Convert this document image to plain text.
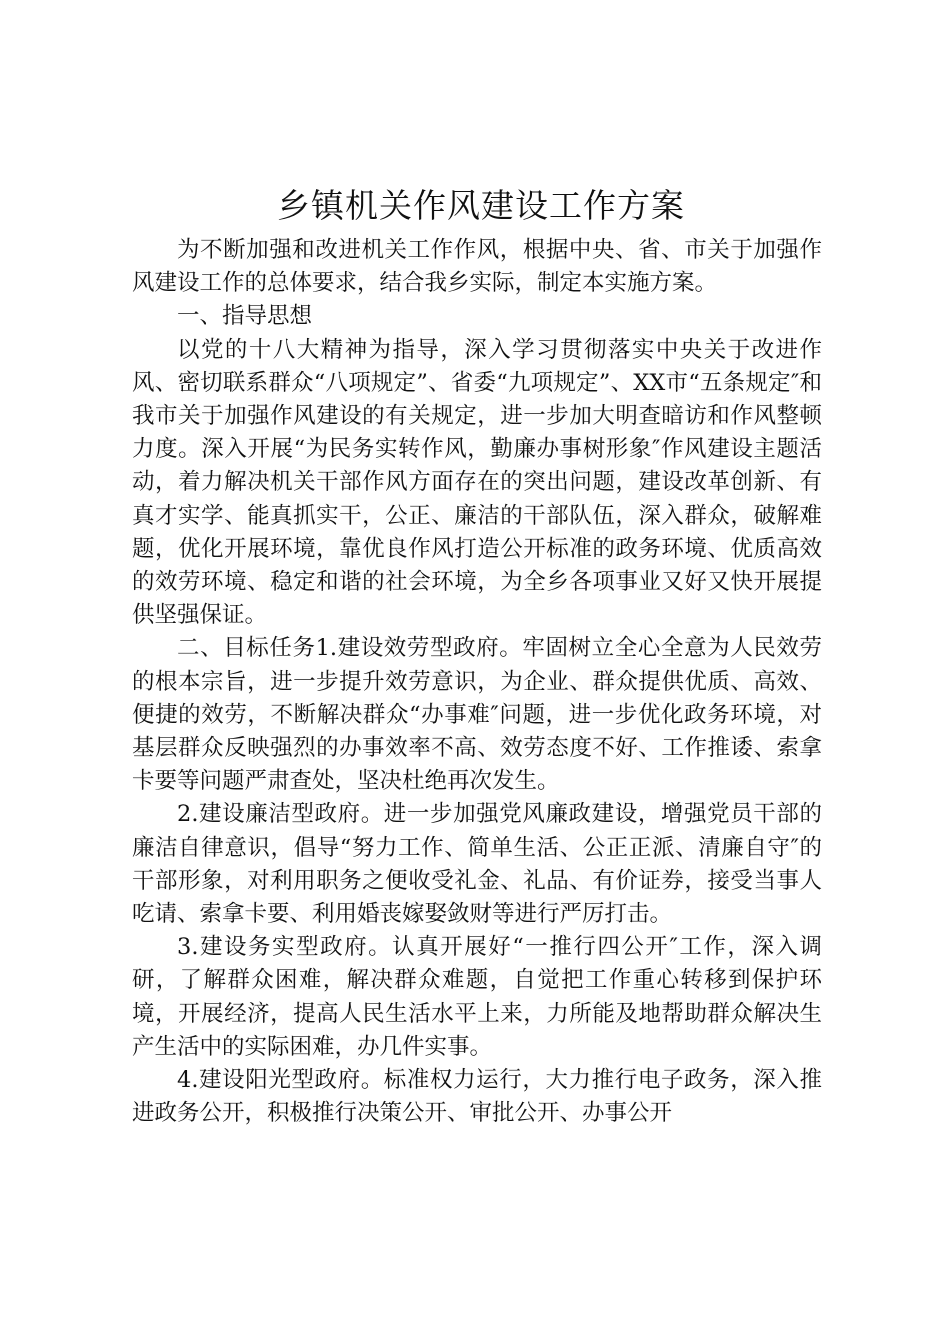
乡镇机关作风建设工作方案

为不断加强和改进机关工作作风，根据中央、省、市关于加强作风建设工作的总体要求，结合我乡实际，制定本实施方案。

一、指导思想

以党的十八大精神为指导，深入学习贯彻落实中央关于改进作风、密切联系群众“八项规定”、省委“九项规定”、XX市“五条规定″和我市关于加强作风建设的有关规定，进一步加大明查暗访和作风整顿力度。深入开展“为民务实转作风，勤廉办事树形象″作风建设主题活动，着力解决机关干部作风方面存在的突出问题，建设改革创新、有真才实学、能真抓实干，公正、廉洁的干部队伍，深入群众，破解难题，优化开展环境，靠优良作风打造公开标准的政务环境、优质高效的效劳环境、稳定和谐的社会环境，为全乡各项事业又好又快开展提供坚强保证。

二、目标任务1.建设效劳型政府。牢固树立全心全意为人民效劳的根本宗旨，进一步提升效劳意识，为企业、群众提供优质、高效、便捷的效劳，不断解决群众“办事难″问题，进一步优化政务环境，对基层群众反映强烈的办事效率不高、效劳态度不好、工作推诿、索拿卡要等问题严肃查处，坚决杜绝再次发生。

2.建设廉洁型政府。进一步加强党风廉政建设，增强党员干部的廉洁自律意识，倡导“努力工作、简单生活、公正正派、清廉自守″的干部形象，对利用职务之便收受礼金、礼品、有价证券，接受当事人吃请、索拿卡要、利用婚丧嫁娶敛财等进行严厉打击。

3.建设务实型政府。认真开展好“一推行四公开″工作，深入调研，了解群众困难，解决群众难题，自觉把工作重心转移到保护环境，开展经济，提高人民生活水平上来，力所能及地帮助群众解决生产生活中的实际困难，办几件实事。

4.建设阳光型政府。标准权力运行，大力推行电子政务，深入推进政务公开，积极推行决策公开、审批公开、办事公开
